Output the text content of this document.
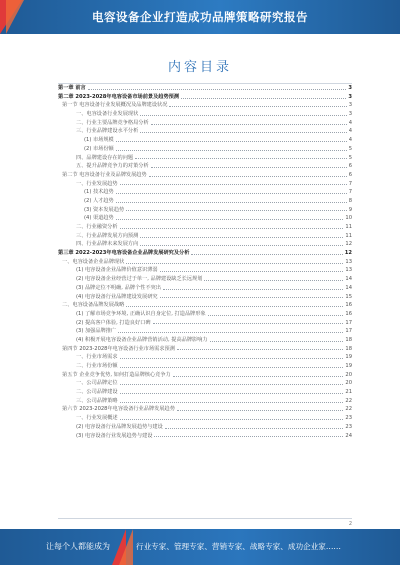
电容设备企业打造成功品牌策略研究报告
内容目录
第一章 前言	3
第二章 2023-2028年电容设备市场前景及趋势预测	3
第一节 电容设备行业发展概况及品牌建设状况	3
一、电容设备行业发展现状	3
二、行业主要品牌竞争格局分析	4
三、行业品牌建设水平分析	4
(1) 市场规模	4
(2) 市场份额	5
四、品牌建设存在的问题	5
五、提升品牌竞争力的对策分析	6
第二节 电容设备行业及品牌发展趋势	6
一、行业发展趋势	7
(1) 技术趋势	7
(2) 人才趋势	8
(3) 资本发展趋势	9
(4) 渠道趋势	10
二、行业融资分析	11
三、行业品牌发展方向预测	11
四、行业品牌未来发展方向	12
第三章 2022-2023年电容设备企业品牌发展研究及分析	12
一、电容设备企业品牌现状	13
(1) 电容设备企业品牌价值意识薄弱	13
(2) 电容设备企业经营过于单一, 品牌建设缺乏长远规划	14
(3) 品牌定位不明确, 品牌个性不突出	14
(4) 电容设备行业品牌建设发展研究	15
二、电容设备品牌发展战略	16
(1) 了解市场竞争环境, 正确认识自身定位, 打造品牌形象	16
(2) 提高客户体验, 打造良好口碑	17
(3) 加强品牌推广	17
(4) 积极开展电容设备企业品牌营销活动, 提高品牌影响力	18
第四节 2023-2028年电容设备行业市场需求预测	18
一、行业市场需求	19
二、行业市场份额	19
第五节 企业竞争优势, 如何打造品牌核心竞争力	20
一、公司品牌定位	20
二、公司品牌建设	21
三、公司品牌策略	22
第六节 2023-2028年电容设备行业品牌发展趋势	22
一、行业发展概述	23
(2) 电容设备行业品牌发展趋势与建设	23
(3) 电容设备行业发展趋势与建设	24
2
让每个人都能成为	行业专家、管理专家、营销专家、战略专家、成功企业家……
